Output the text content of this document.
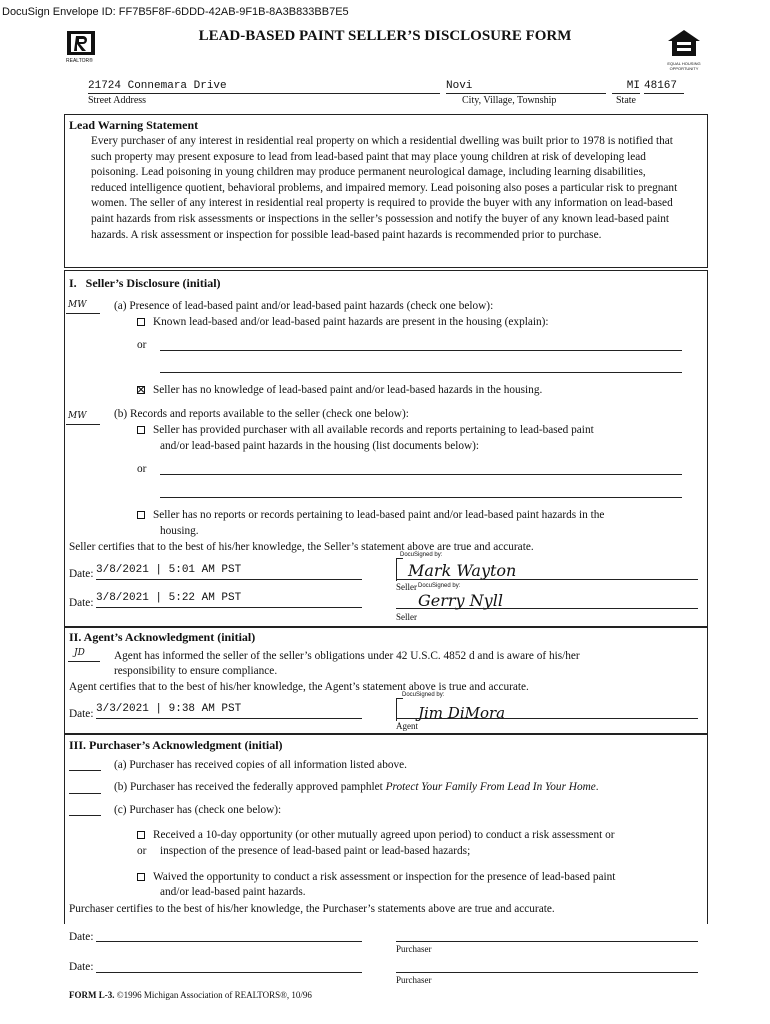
DocuSign Envelope ID: FF7B5F8F-6DDD-42AB-9F1B-8A3B833BB7E5
REALTOR®
LEAD-BASED PAINT SELLER’S DISCLOSURE FORM
EQUAL HOUSING OPPORTUNITY
21724 Connemara Drive
Street Address
Novi
City, Village, Township
MI
State
48167
Lead Warning Statement
Every purchaser of any interest in residential real property on which a residential dwelling was built prior to 1978 is notified that such property may present exposure to lead from lead-based paint that may place young children at risk of developing lead poisoning. Lead poisoning in young children may produce permanent neurological damage, including learning disabilities, reduced intelligence quotient, behavioral problems, and impaired memory. Lead poisoning also poses a particular risk to pregnant women. The seller of any interest in residential real property is required to provide the buyer with any information on lead-based paint hazards from risk assessments or inspections in the seller’s possession and notify the buyer of any known lead-based paint hazards. A risk assessment or inspection for possible lead-based paint hazards is recommended prior to purchase.
I.   Seller’s Disclosure (initial)
MW (a) Presence of lead-based paint and/or lead-based paint hazards (check one below):
Known lead-based and/or lead-based paint hazards are present in the housing (explain):
or
Seller has no knowledge of lead-based paint and/or lead-based hazards in the housing.
MW (b) Records and reports available to the seller (check one below):
Seller has provided purchaser with all available records and reports pertaining to lead-based paint
and/or lead-based paint hazards in the housing (list documents below):
or
Seller has no reports or records pertaining to lead-based paint and/or lead-based paint hazards in the
housing.
Seller certifies that to the best of his/her knowledge, the Seller’s statement above are true and accurate.
Date: 3/8/2021 | 5:01 AM PST
DocuSigned by:
Mark Wayton
Seller
Date: 3/8/2021 | 5:22 AM PST
DocuSigned by:
Gerry Nyll
Seller
II. Agent’s Acknowledgment (initial)
JD	Agent has informed the seller of the seller’s obligations under 42 U.S.C. 4852 d and is aware of his/her
responsibility to ensure compliance.
Agent certifies that to the best of his/her knowledge, the Agent’s statement above is true and accurate.
Date: 3/3/2021 | 9:38 AM PST
DocuSigned by:
Jim DiMora
Agent
III. Purchaser’s Acknowledgment (initial)
(a) Purchaser has received copies of all information listed above.
(b) Purchaser has received the federally approved pamphlet Protect Your Family From Lead In Your Home.
(c) Purchaser has (check one below):
Received a 10-day opportunity (or other mutually agreed upon period) to conduct a risk assessment or
or inspection of the presence of lead-based paint or lead-based hazards;
Waived the opportunity to conduct a risk assessment or inspection for the presence of lead-based paint
and/or lead-based paint hazards.
Purchaser certifies to the best of his/her knowledge, the Purchaser’s statements above are true and accurate.
Date:
Purchaser
Date:
Purchaser
FORM L-3. ©1996 Michigan Association of REALTORS®, 10/96
